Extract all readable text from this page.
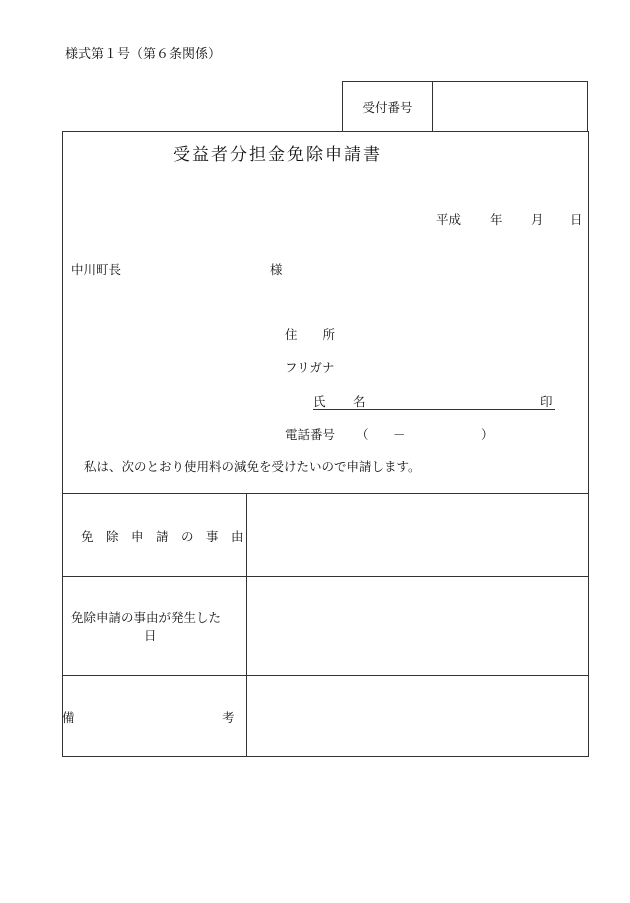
様式第１号（第６条関係）
受付番号
受益者分担金免除申請書
平成 年 月 日
中川町長	様
住　　所
フリガナ
氏 名	印
電話番号 （ －	）
私は、次のとおり使用料の減免を受けたいので申請します。
免　除　申　請　の　事　由
免除申請の事由が発生した
日
備	考
